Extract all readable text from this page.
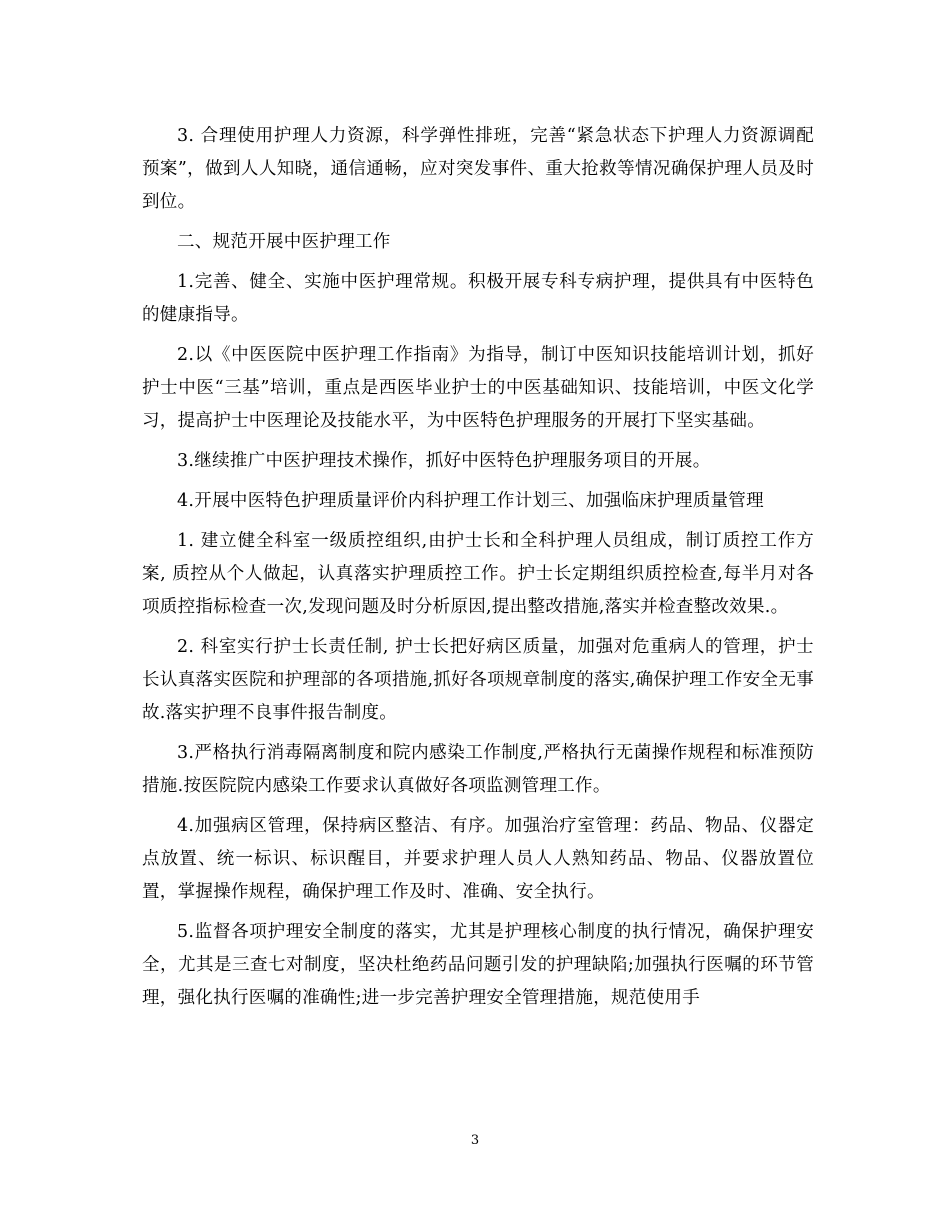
3. 合理使用护理人力资源，科学弹性排班，完善“紧急状态下护理人力资源调配预案”，做到人人知晓，通信通畅，应对突发事件、重大抢救等情况确保护理人员及时到位。

二、规范开展中医护理工作

1.完善、健全、实施中医护理常规。积极开展专科专病护理，提供具有中医特色的健康指导。

2.以《中医医院中医护理工作指南》为指导，制订中医知识技能培训计划，抓好护士中医“三基”培训，重点是西医毕业护士的中医基础知识、技能培训，中医文化学习，提高护士中医理论及技能水平，为中医特色护理服务的开展打下坚实基础。

3.继续推广中医护理技术操作，抓好中医特色护理服务项目的开展。

4.开展中医特色护理质量评价内科护理工作计划三、加强临床护理质量管理

1. 建立健全科室一级质控组织,由护士长和全科护理人员组成，制订质控工作方案, 质控从个人做起，认真落实护理质控工作。护士长定期组织质控检查,每半月对各项质控指标检查一次,发现问题及时分析原因,提出整改措施,落实并检查整改效果.。

2. 科室实行护士长责任制, 护士长把好病区质量，加强对危重病人的管理，护士长认真落实医院和护理部的各项措施,抓好各项规章制度的落实,确保护理工作安全无事故.落实护理不良事件报告制度。

3.严格执行消毒隔离制度和院内感染工作制度,严格执行无菌操作规程和标准预防措施.按医院院内感染工作要求认真做好各项监测管理工作。

4.加强病区管理，保持病区整洁、有序。加强治疗室管理：药品、物品、仪器定点放置、统一标识、标识醒目，并要求护理人员人人熟知药品、物品、仪器放置位置，掌握操作规程，确保护理工作及时、准确、安全执行。

5.监督各项护理安全制度的落实，尤其是护理核心制度的执行情况，确保护理安全，尤其是三查七对制度，坚决杜绝药品问题引发的护理缺陷;加强执行医嘱的环节管理，强化执行医嘱的准确性;进一步完善护理安全管理措施，规范使用手

3
